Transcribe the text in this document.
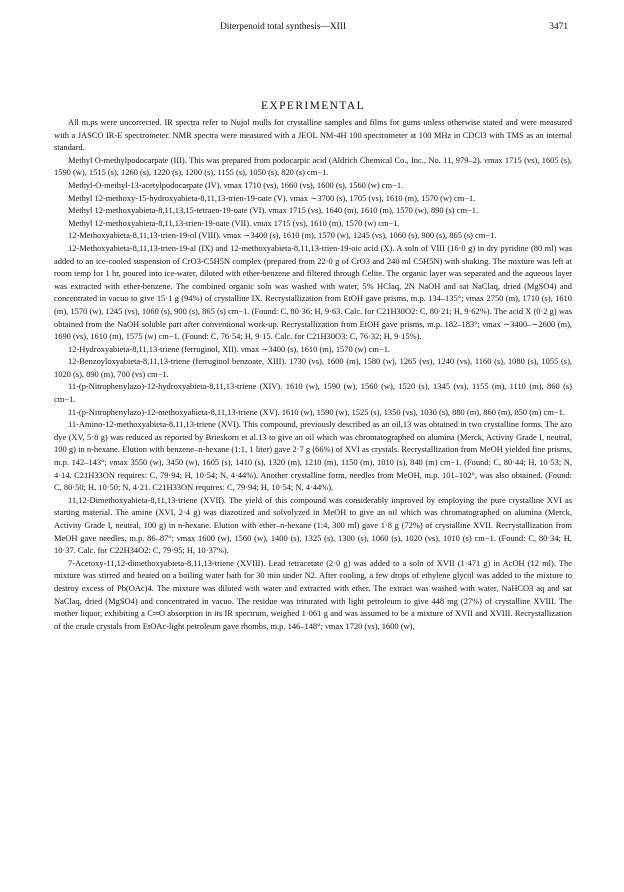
Diterpenoid total synthesis—XIII	3471
EXPERIMENTAL

All m.ps were uncorrected. IR spectra refer to Nujol mulls for crystalline samples and films for gums unless otherwise stated and were measured with a JASCO IR-E spectrometer. NMR spectra were measured with a JEOL NM-4H 100 spectrometer at 100 MHz in CDCl3 with TMS as an internal standard.

Methyl O-methylpodocarpate (III). This was prepared from podocarpic acid (Aldrich Chemical Co., Inc., No. 11, 979–2). νmax 1715 (vs), 1605 (s), 1590 (w), 1515 (s), 1260 (s), 1220 (s), 1200 (s), 1155 (s), 1050 (s), 820 (s) cm−1.

Methyl-O-methyl-13-acetylpodocarpate (IV). νmax 1710 (vs), 1660 (vs), 1600 (s), 1560 (w) cm−1.

Methyl 12-methoxy-15-hydroxyabieta-8,11,13-trien-19-oate (V). νmax ∼3700 (s), 1705 (vs), 1610 (m), 1570 (w) cm−1.

Methyl 12-methoxyabieta-8,11,13,15-tetraen-19-oate (VI). νmax 1715 (vs), 1640 (m), 1610 (m), 1570 (w), 890 (s) cm−1.

Methyl 12-methoxyabieta-8,11,13-trien-19-oate (VII). νmax 1715 (vs), 1610 (m), 1570 (w) cm−1.

12-Methoxyabieta-8,11,13-trien-19-ol (VIII). νmax ∼3400 (s), 1610 (m), 1570 (w), 1245 (vs), 1060 (s), 900 (s), 865 (s) cm−1.

12-Methoxyabieta-8,11,13-trien-19-al (IX) and 12-methoxyabieta-8,11,13-trien-19-oic acid (X). A soln of VIII (16·0 g) in dry pyridine (80 ml) was added to an ice-cooled suspension of CrO3-C5H5N complex (prepared from 22·0 g of CrO3 and 240 ml C5H5N) with shaking. The mixture was left at room temp for 1 hr, poured into ice-water, diluted with ether-benzene and filtered through Celite. The organic layer was separated and the aqueous layer was extracted with ether-benzene. The combined organic soln was washed with water, 5% HClaq, 2N NaOH and sat NaClaq, dried (MgSO4) and concentrated in vacuo to give 15·1 g (94%) of crystalline IX. Recrystallization from EtOH gave prisms, m.p. 134–135°; νmax 2750 (m), 1710 (s), 1610 (m), 1570 (w), 1245 (vs), 1060 (s), 900 (s), 865 (s) cm−1. (Found: C, 80·36; H, 9·63. Calc. for C21H30O2: C, 80·21; H, 9·62%). The acid X (0·2 g) was obtained from the NaOH soluble part after conventional work-up. Recrystallization from EtOH gave prisms, m.p. 182–183°; νmax ∼3400–∼2600 (m), 1690 (vs), 1610 (m), 1575 (w) cm−1. (Found: C, 76·54; H, 9·15. Calc. for C21H30O3: C, 76·32; H, 9·15%).

12-Hydroxyabieta-8,11,13-triene (ferruginol, XII). νmax ∼3400 (s), 1610 (m), 1570 (w) cm−1.

12-Benzoyloxyabieta-8,11,13-triene (ferruginol benzoate, XIII). 1730 (vs), 1600 (m), 1580 (w), 1265 (vs), 1240 (vs), 1160 (s), 1080 (s), 1055 (s), 1020 (s), 890 (m), 700 (vs) cm−1.

11-(p-Nitrophenylazo)-12-hydroxyabieta-8,11,13-triene (XIV). 1610 (w), 1590 (w), 1560 (w), 1520 (s), 1345 (vs), 1155 (m), 1110 (m), 860 (s) cm−1.

11-(p-Nitrophenylazo)-12-methoxyabieta-8,11,13-triene (XV). 1610 (w), 1590 (w), 1525 (s), 1350 (vs), 1030 (s), 880 (m), 860 (m), 850 (m) cm−1.

11-Amino-12-methoxyabieta-8,11,13-triene (XVI). This compound, previously described as an oil,13 was obtained in two crystalline forms. The azo dye (XV, 5·8 g) was reduced as reported by Brieskorn et al.13 to give an oil which was chromatographed on alumina (Merck, Activity Grade I, neutral, 100 g) in n-hexane. Elution with benzene–n-hexane (1:1, 1 liter) gave 2·7 g (66%) of XVI as crystals. Recrystallization from MeOH yielded fine prisms, m.p. 142–143°; νmax 3550 (w), 3450 (w), 1605 (s), 1410 (s), 1320 (m), 1210 (m), 1150 (m), 1010 (s), 840 (m) cm−1. (Found: C, 80·44; H, 10·53; N, 4·14. C21H33ON requires: C, 79·94; H, 10·54; N, 4·44%). Another crystalline form, needles from MeOH, m.p. 101–102°, was also obtained. (Found: C, 80·50; H, 10·50; N, 4·21. C21H33ON requires: C, 79·94; H, 10·54; N, 4·44%).

11,12-Dimethoxyabieta-8,11,13-triene (XVII). The yield of this compound was considerably improved by employing the pure crystalline XVI as starting material. The amine (XVI, 2·4 g) was diazotized and solvolyzed in MeOH to give an oil which was chromatographed on alumina (Merck, Activity Grade I, neutral, 100 g) in n-hexane. Elution with ether–n-hexane (1:4, 300 ml) gave 1·8 g (72%) of crystalline XVII. Recrystallization from MeOH gave needles, m.p. 86–87°; νmax 1600 (w), 1560 (w), 1400 (s), 1325 (s), 1300 (s), 1060 (s), 1020 (vs), 1010 (s) cm−1. (Found: C, 80·34; H, 10·37. Calc. for C22H34O2: C, 79·95; H, 10·37%).

7-Acetoxy-11,12-dimethoxyabieta-8,11,13-triene (XVIII). Lead tetracetate (2·0 g) was added to a soln of XVII (1·471 g) in AcOH (12 ml). The mixture was stirred and heated on a boiling water bath for 30 min under N2. After cooling, a few drops of ethylene glycol was added to the mixture to destroy excess of Pb(OAc)4. The mixture was diluted with water and extracted with ether. The extract was washed with water, NaHCO3 aq and sat NaClaq, dried (MgSO4) and concentrated in vacuo. The residue was triturated with light petroleum to give 448 mg (27%) of crystalline XVIII. The mother liquor, exhibiting a C═O absorption in its IR spectrum, weighed 1·061 g and was assumed to be a mixture of XVII and XVIII. Recrystallization of the crude crystals from EtOAc-light petroleum gave rhombs, m.p. 146–148°; νmax 1720 (vs), 1600 (w),
